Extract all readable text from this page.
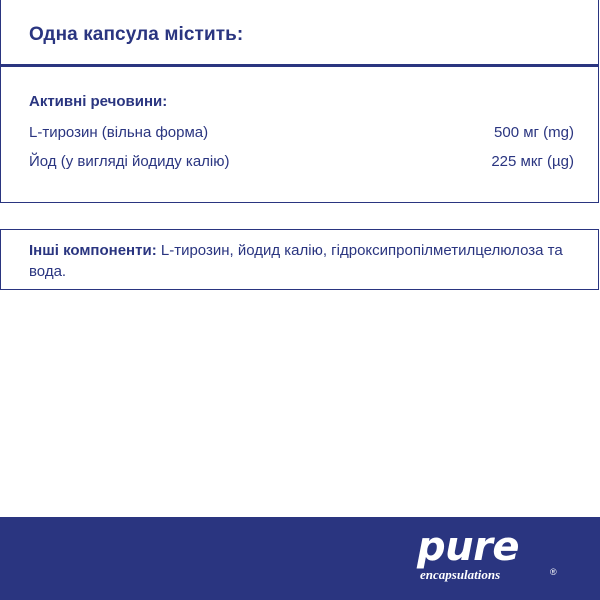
Одна капсула містить:
Активні речовини:
L-тирозин (вільна форма)	500 мг (mg)
Йод (у вигляді йодиду калію)	225 мкг (µg)
Інші компоненти: L-тирозин, йодид калію, гідроксипропілметилцелюлоза та вода.
pure
encapsulations	®
